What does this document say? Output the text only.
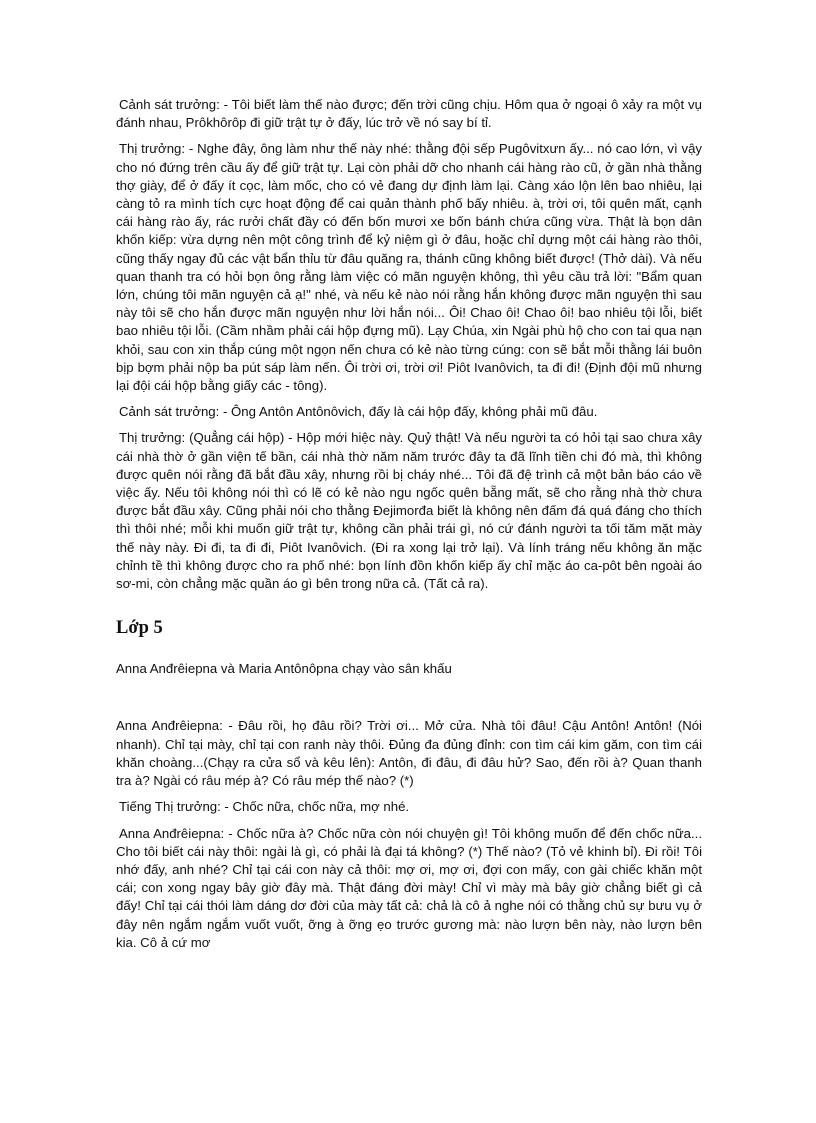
Cảnh sát trưởng: - Tôi biết làm thế nào được; đến trời cũng chịu. Hôm qua ở ngoại ô xảy ra một vụ đánh nhau, Prôkhôrôp đi giữ trật tự ở đấy, lúc trở về nó say bí tỉ.

Thị trưởng: - Nghe đây, ông làm như thế này nhé: thằng đội sếp Pugôvitxưn ấy... nó cao lớn, vì vậy cho nó đứng trên cầu ấy để giữ trật tự. Lại còn phải dỡ cho nhanh cái hàng rào cũ, ở gần nhà thằng thợ giày, để ở đấy ít cọc, làm mốc, cho có vẻ đang dự định làm lại. Càng xáo lộn lên bao nhiêu, lại càng tỏ ra mình tích cực hoạt động để cai quản thành phố bấy nhiêu. à, trời ơi, tôi quên mất, cạnh cái hàng rào ấy, rác rưởi chất đầy có đến bốn mươi xe bốn bánh chứa cũng vừa. Thật là bọn dân khốn kiếp: vừa dựng nên một công trình để kỷ niệm gì ở đâu, hoặc chỉ dựng một cái hàng rào thôi, cũng thấy ngay đủ các vật bẩn thỉu từ đâu quăng ra, thánh cũng không biết được! (Thở dài). Và nếu quan thanh tra có hỏi bọn ông rằng làm việc có mãn nguyện không, thì yêu cầu trả lời: "Bẩm quan lớn, chúng tôi mãn nguyện cả ạ!" nhé, và nếu kẻ nào nói rằng hắn không được mãn nguyện thì sau này tôi sẽ cho hắn được mãn nguyện như lời hắn nói... Ôi! Chao ôi! Chao ôi! bao nhiêu tội lỗi, biết bao nhiêu tội lỗi. (Cầm nhầm phải cái hộp đựng mũ). Lạy Chúa, xin Ngài phù hộ cho con tai qua nạn khỏi, sau con xin thắp cúng một ngọn nến chưa có kẻ nào từng cúng: con sẽ bắt mỗi thằng lái buôn bịp bợm phải nộp ba pút sáp làm nến. Ôi trời ơi, trời ơi! Piôt Ivanôvich, ta đi đi! (Định đội mũ nhưng lại đội cái hộp bằng giấy các - tông).

Cảnh sát trưởng: - Ông Antôn Antônôvich, đấy là cái hộp đấy, không phải mũ đâu.

Thị trưởng: (Quẳng cái hộp) - Hộp mới hiệc này. Quỷ thật! Và nếu người ta có hỏi tại sao chưa xây cái nhà thờ ở gần viện tế bần, cái nhà thờ năm năm trước đây ta đã lĩnh tiền chi đó mà, thì không được quên nói rằng đã bắt đầu xây, nhưng rồi bị cháy nhé... Tôi đã đệ trình cả một bản báo cáo về việc ấy. Nếu tôi không nói thì có lẽ có kẻ nào ngu ngốc quên bẵng mất, sẽ cho rằng nhà thờ chưa được bắt đầu xây. Cũng phải nói cho thằng Đejimorđa biết là không nên đấm đá quá đáng cho thích thì thôi nhé; mỗi khi muốn giữ trật tự, không cần phải trái gì, nó cứ đánh người ta tối tăm mặt mày thế này này. Đi đi, ta đi đi, Piôt Ivanôvich. (Đi ra xong lại trở lại). Và lính tráng nếu không ăn mặc chỉnh tề thì không được cho ra phố nhé: bọn lính đồn khốn kiếp ấy chỉ mặc áo ca-pôt bên ngoài áo sơ-mi, còn chẳng mặc quần áo gì bên trong nữa cả. (Tất cả ra).

Lớp 5

Anna Anđrêiepna và Maria Antônôpna chạy vào sân khấu

Anna Anđrêiepna: - Đâu rồi, họ đâu rồi? Trời ơi... Mở cửa. Nhà tôi đâu! Cậu Antôn! Antôn! (Nói nhanh). Chỉ tại mày, chỉ tại con ranh này thôi. Đủng đa đủng đỉnh: con tìm cái kim găm, con tìm cái khăn choàng...(Chạy ra cửa sổ và kêu lên): Antôn, đi đâu, đi đâu hử? Sao, đến rồi à? Quan thanh tra à? Ngài có râu mép à? Có râu mép thế nào? (*)

Tiếng Thị trưởng: - Chốc nữa, chốc nữa, mợ nhé.

Anna Anđrêiepna: - Chốc nữa à? Chốc nữa còn nói chuyện gì! Tôi không muốn để đến chốc nữa... Cho tôi biết cái này thôi: ngài là gì, có phải là đại tá không? (*) Thế nào? (Tỏ vẻ khinh bỉ). Đi rồi! Tôi nhớ đấy, anh nhé? Chỉ tại cái con này cả thôi: mợ ơi, mợ ơi, đợi con mấy, con gài chiếc khăn một cái; con xong ngay bây giờ đây mà. Thật đáng đời mày! Chỉ vì mày mà bây giờ chẳng biết gì cả đấy! Chỉ tại cái thói làm dáng dơ đời của mày tất cả: chả là cô ả nghe nói có thằng chủ sự bưu vụ ở đây nên ngắm ngắm vuốt vuốt, ỡng à ỡng ẹo trước gương mà: nào lượn bên này, nào lượn bên kia. Cô ả cứ mơ
